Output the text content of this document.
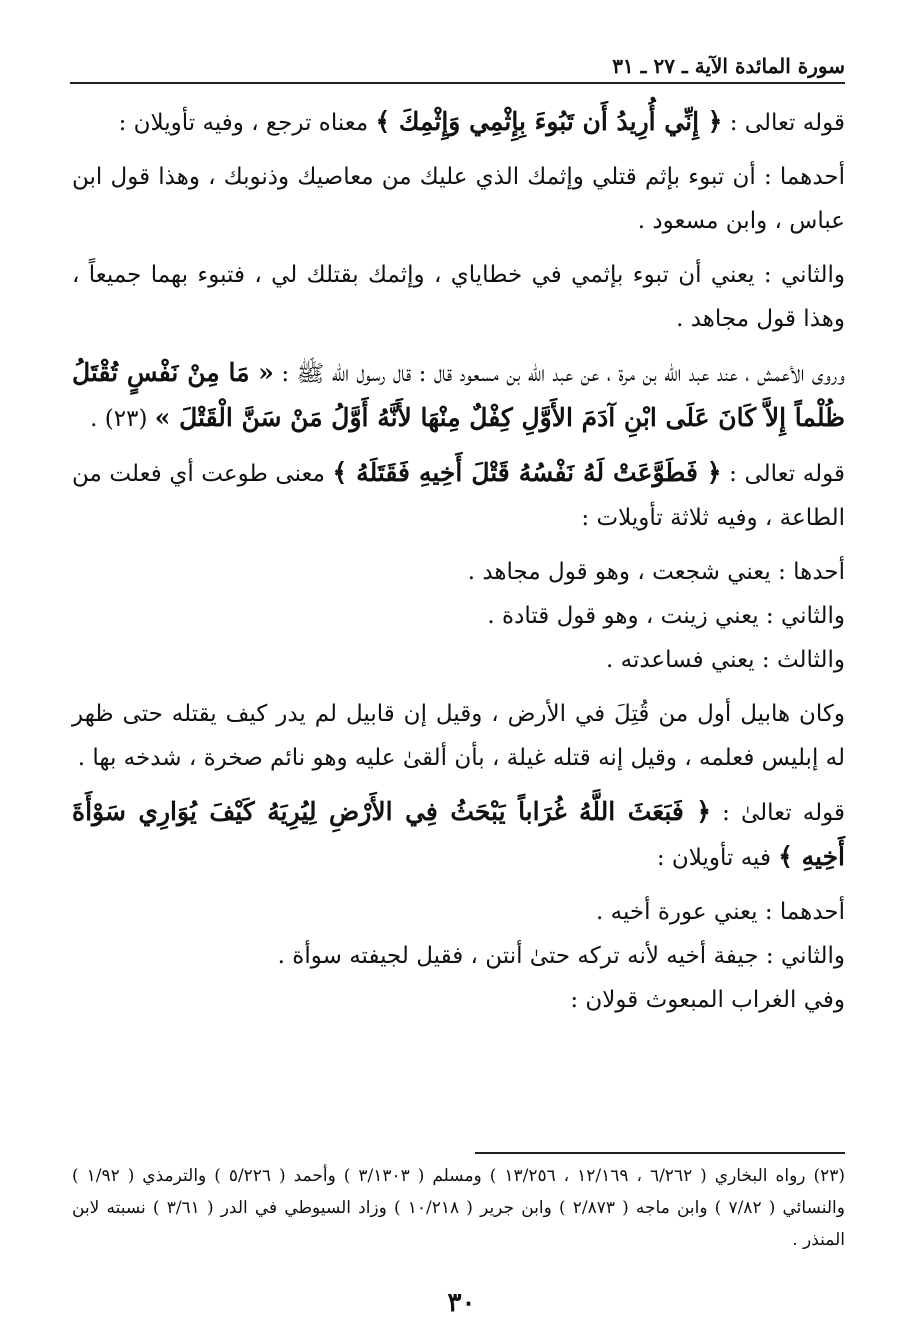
سورة المائدة الآية ـ ٢٧ ـ ٣١

قوله تعالى : ﴿ إِنِّي أُرِيدُ أَن تَبُوءَ بِإِثْمِي وَإِثْمِكَ ﴾ معناه ترجع ، وفيه تأويلان :

أحدهما : أن تبوء بإثم قتلي وإثمك الذي عليك من معاصيك وذنوبك ، وهذا قول ابن عباس ، وابن مسعود .

والثاني : يعني أن تبوء بإثمي في خطاياي ، وإثمك بقتلك لي ، فتبوء بهما جميعاً ، وهذا قول مجاهد .

وروى الأعمش ، عند عبد الله بن مرة ، عن عبد الله بن مسعود قال : قال رسول الله ﷺ : « مَا مِنْ نَفْسٍ تُقْتَلُ ظُلْماً إِلاَّ كَانَ عَلَى ابْنِ آدَمَ الأَوَّلِ كِفْلٌ مِنْهَا لأَنَّهُ أَوَّلُ مَنْ سَنَّ الْقَتْلَ » (٢٣) .

قوله تعالى : ﴿ فَطَوَّعَتْ لَهُ نَفْسُهُ قَتْلَ أَخِيهِ فَقَتَلَهُ ﴾ معنى طوعت أي فعلت من الطاعة ، وفيه ثلاثة تأويلات :

أحدها : يعني شجعت ، وهو قول مجاهد .

والثاني : يعني زينت ، وهو قول قتادة .

والثالث : يعني فساعدته .

وكان هابيل أول من قُتِلَ في الأرض ، وقيل إن قابيل لم يدر كيف يقتله حتى ظهر له إبليس فعلمه ، وقيل إنه قتله غيلة ، بأن ألقىٰ عليه وهو نائم صخرة ، شدخه بها .

قوله تعالىٰ : ﴿ فَبَعَثَ اللَّهُ غُرَاباً يَبْحَثُ فِي الأَرْضِ لِيُرِيَهُ كَيْفَ يُوَارِي سَوْأَةَ أَخِيهِ ﴾ فيه تأويلان :

أحدهما : يعني عورة أخيه .

والثاني : جيفة أخيه لأنه تركه حتىٰ أنتن ، فقيل لجيفته سوأة .

وفي الغراب المبعوث قولان :

(٢٣) رواه البخاري ( ٦/٢٦٢ ، ١٢/١٦٩ ، ١٣/٢٥٦ ) ومسلم ( ٣/١٣٠٣ ) وأحمد ( ٥/٢٢٦ ) والترمذي ( ١/٩٢ ) والنسائي ( ٧/٨٢ ) وابن ماجه ( ٢/٨٧٣ ) وابن جرير ( ١٠/٢١٨ ) وزاد السيوطي في الدر ( ٣/٦١ ) نسبته لابن المنذر .

٣٠
